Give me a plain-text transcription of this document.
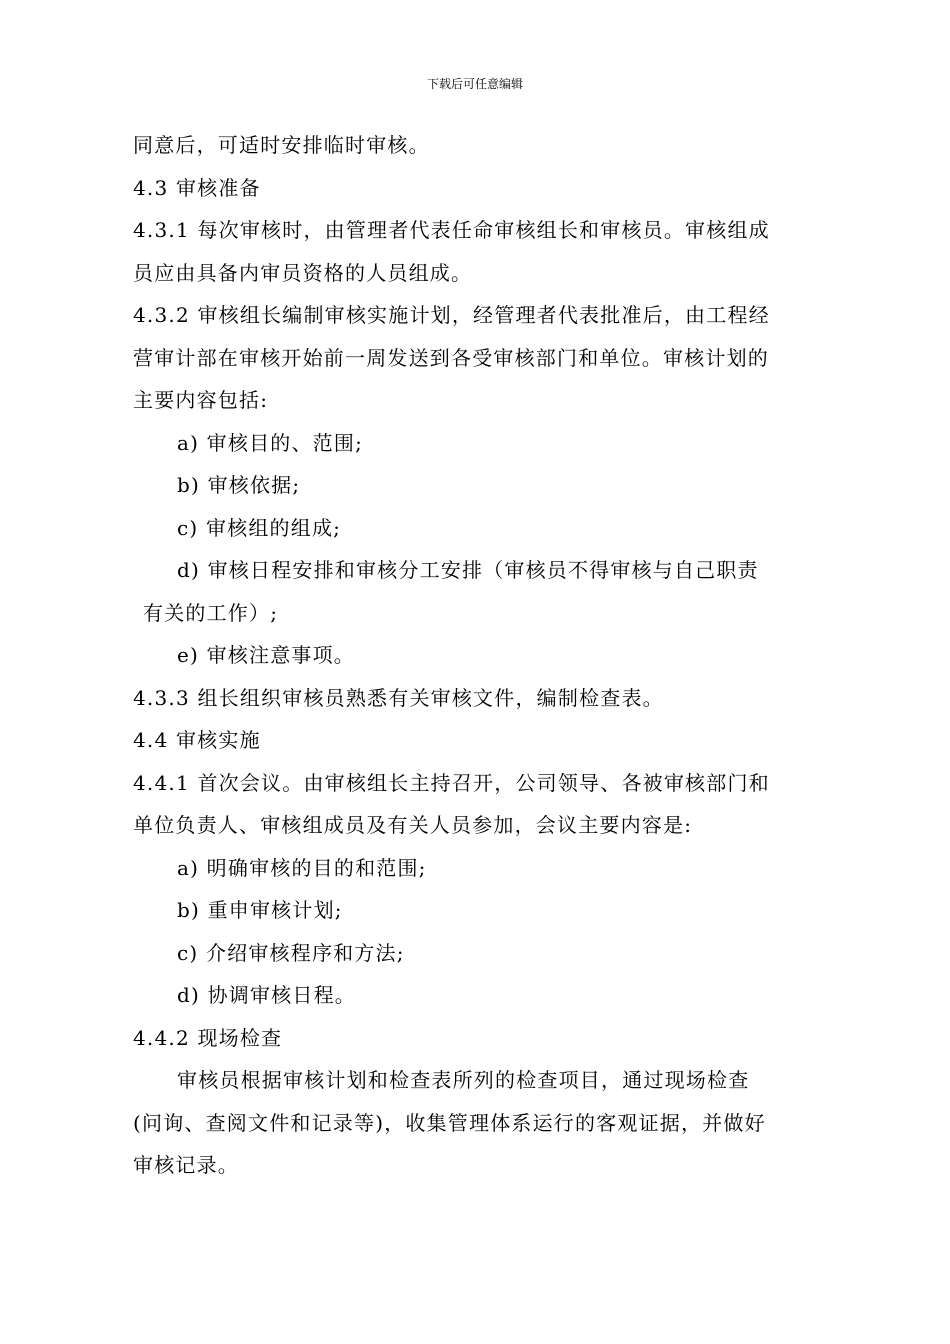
下载后可任意编辑
同意后，可适时安排临时审核。
4.3 审核准备
4.3.1 每次审核时，由管理者代表任命审核组长和审核员。审核组成
员应由具备内审员资格的人员组成。
4.3.2 审核组长编制审核实施计划，经管理者代表批准后，由工程经
营审计部在审核开始前一周发送到各受审核部门和单位。审核计划的
主要内容包括:
a) 审核目的、范围;
b) 审核依据;
c) 审核组的组成;
d) 审核日程安排和审核分工安排（审核员不得审核与自己职责
有关的工作）;
e) 审核注意事项。
4.3.3 组长组织审核员熟悉有关审核文件，编制检查表。
4.4 审核实施
4.4.1 首次会议。由审核组长主持召开，公司领导、各被审核部门和
单位负责人、审核组成员及有关人员参加，会议主要内容是:
a) 明确审核的目的和范围;
b) 重申审核计划;
c) 介绍审核程序和方法;
d) 协调审核日程。
4.4.2 现场检查
审核员根据审核计划和检查表所列的检查项目，通过现场检查
(问询、查阅文件和记录等)，收集管理体系运行的客观证据，并做好
审核记录。
